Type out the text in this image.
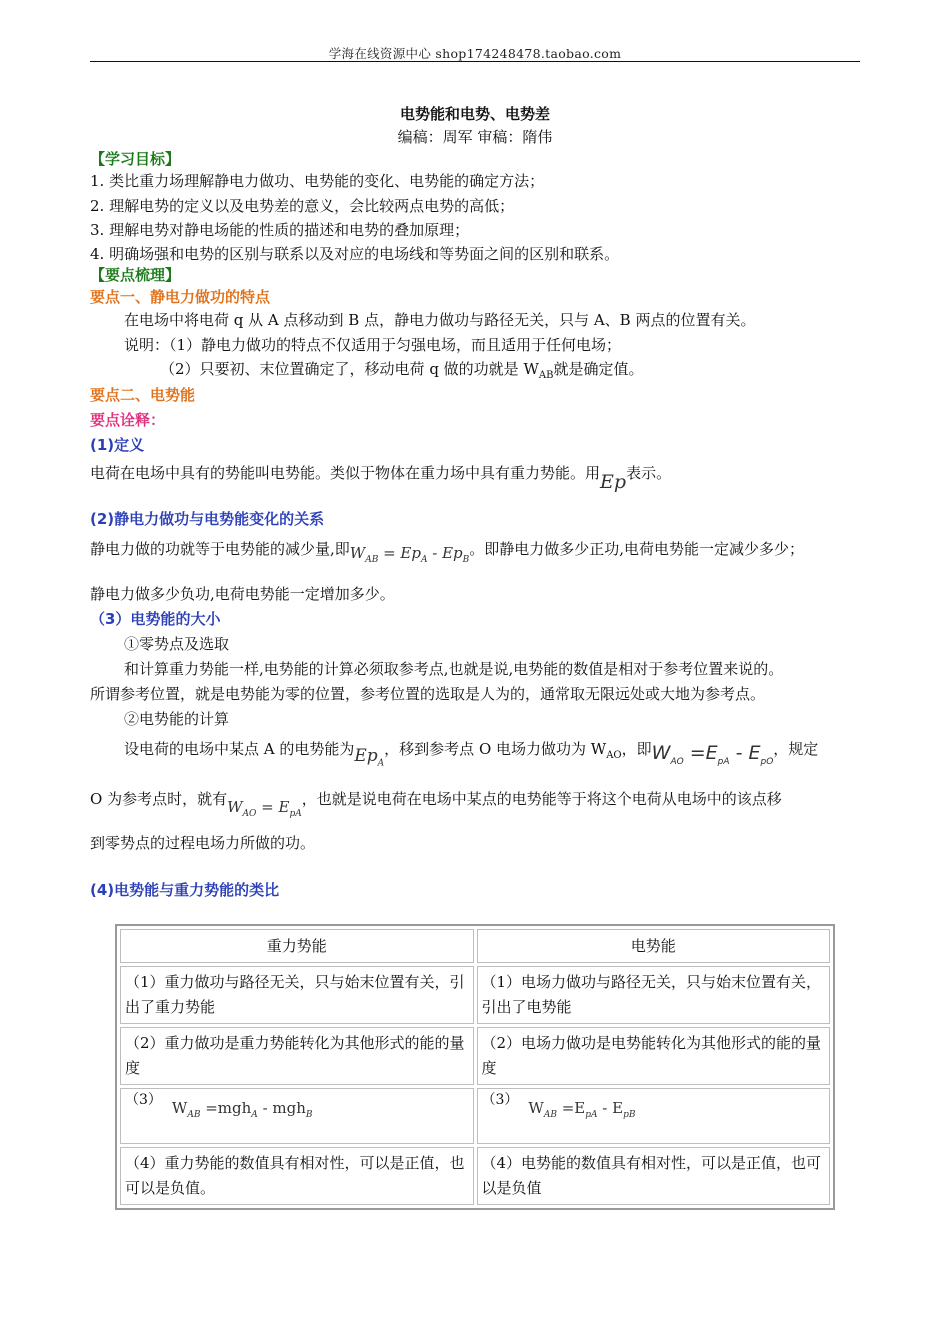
学海在线资源中心 shop174248478.taobao.com
电势能和电势、电势差
编稿：周军 审稿：隋伟
【学习目标】
1. 类比重力场理解静电力做功、电势能的变化、电势能的确定方法；
2. 理解电势的定义以及电势差的意义，会比较两点电势的高低；
3. 理解电势对静电场能的性质的描述和电势的叠加原理；
4. 明确场强和电势的区别与联系以及对应的电场线和等势面之间的区别和联系。
【要点梳理】
要点一、静电力做功的特点
在电场中将电荷 q 从 A 点移动到 B 点，静电力做功与路径无关，只与 A、B 两点的位置有关。
说明：（1）静电力做功的特点不仅适用于匀强电场，而且适用于任何电场；
（2）只要初、末位置确定了，移动电荷 q 做的功就是 $W_{AB}$就是确定值。
要点二、电势能
要点诠释：
(1)定义
电荷在电场中具有的势能叫电势能。类似于物体在重力场中具有重力势能。用Ep表示。
(2)静电力做功与电势能变化的关系
静电力做的功就等于电势能的减少量,即$W_{AB} = Ep_A - Ep_B$。即静电力做多少正功,电荷电势能一定减少多少；
静电力做多少负功,电荷电势能一定增加多少。
（3）电势能的大小
①零势点及选取
和计算重力势能一样,电势能的计算必须取参考点,也就是说,电势能的数值是相对于参考位置来说的。
所谓参考位置，就是电势能为零的位置，参考位置的选取是人为的，通常取无限远处或大地为参考点。
②电势能的计算
设电荷的电场中某点 A 的电势能为$Ep_A$，移到参考点 O 电场力做功为 $W_{AO}$，即$W_{AO} =E_{pA} - E_{pO}$，规定
O 为参考点时，就有$W_{AO} = E_{pA}$，也就是说电荷在电场中某点的电势能等于将这个电荷从电场中的该点移
到零势点的过程电场力所做的功。
(4)电势能与重力势能的类比
重力势能	电势能
（1）重力做功与路径无关，只与始末位置有关，引出了重力势能	（1）电场力做功与路径无关，只与始末位置有关，引出了电势能
（2）重力做功是重力势能转化为其他形式的能的量度	（2）电场力做功是电势能转化为其他形式的能的量度
（3） $W_{AB} =mgh_A - mgh_B$	（3） $W_{AB} =E_{pA} - E_{pB}$
（4）重力势能的数值具有相对性，可以是正值，也可以是负值。	（4）电势能的数值具有相对性，可以是正值，也可以是负值
